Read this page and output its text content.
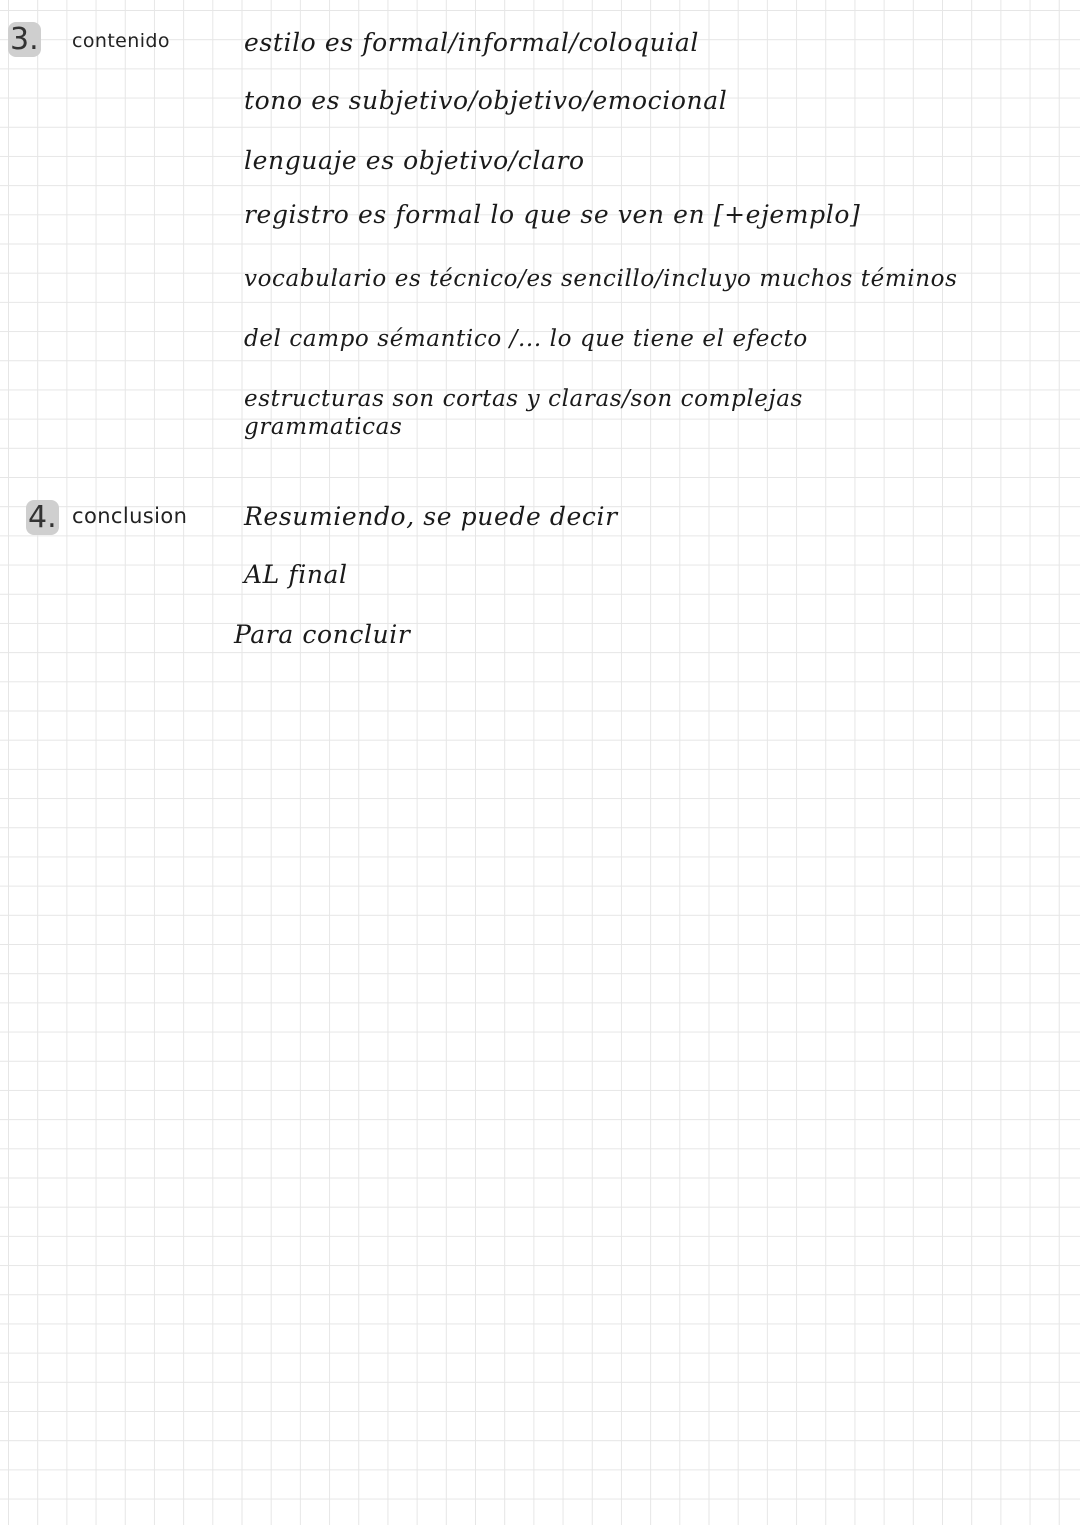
3. contenido	estilo es formal/informal/coloquial
tono es subjetivo/objetivo/emocional
lenguaje es objetivo/claro
registro es formal lo que se ven en [+ejemplo]
vocabulario es técnico/es sencillo/incluyo muchos téminos
del campo sémantico /... lo que tiene el efecto
estructuras son cortas y claras/son complejas
grammaticas
4. conclusion Resumiendo, se puede decir
AL final
Para concluir
